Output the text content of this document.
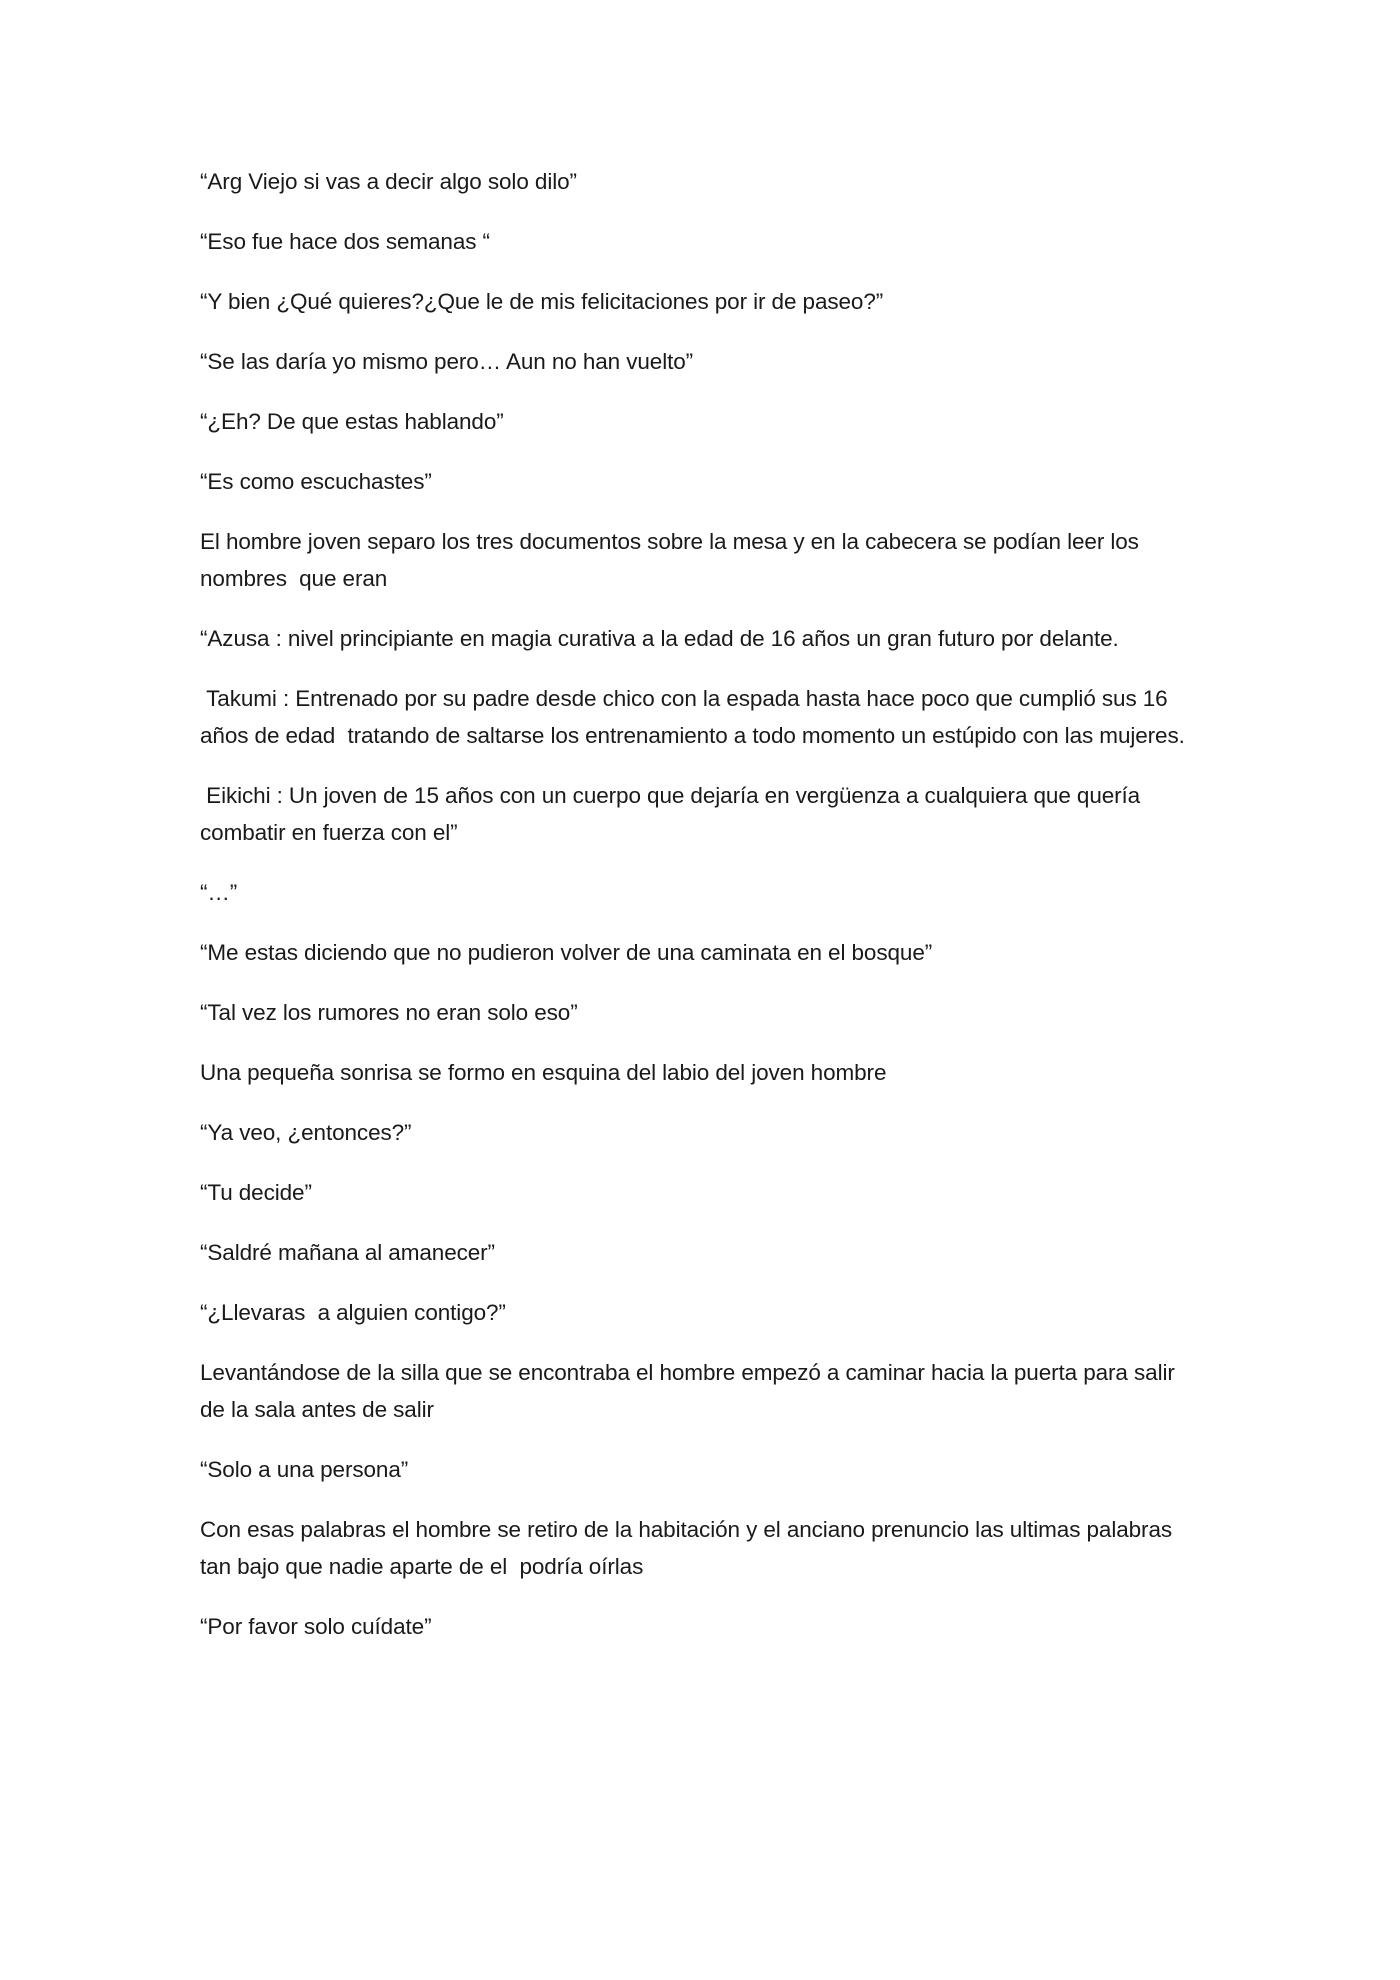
“Arg Viejo si vas a decir algo solo dilo”

“Eso fue hace dos semanas “

“Y bien ¿Qué quieres?¿Que le de mis felicitaciones por ir de paseo?”

“Se las daría yo mismo pero… Aun no han vuelto”

“¿Eh? De que estas hablando”

“Es como escuchastes”

El hombre joven separo los tres documentos sobre la mesa y en la cabecera se podían leer los nombres  que eran

“Azusa : nivel principiante en magia curativa a la edad de 16 años un gran futuro por delante.

Takumi : Entrenado por su padre desde chico con la espada hasta hace poco que cumplió sus 16 años de edad  tratando de saltarse los entrenamiento a todo momento un estúpido con las mujeres.

Eikichi : Un joven de 15 años con un cuerpo que dejaría en vergüenza a cualquiera que quería combatir en fuerza con el”

“…”

“Me estas diciendo que no pudieron volver de una caminata en el bosque”

“Tal vez los rumores no eran solo eso”

Una pequeña sonrisa se formo en esquina del labio del joven hombre

“Ya veo, ¿entonces?”

“Tu decide”

“Saldré mañana al amanecer”

“¿Llevaras  a alguien contigo?”

Levantándose de la silla que se encontraba el hombre empezó a caminar hacia la puerta para salir de la sala antes de salir

“Solo a una persona”

Con esas palabras el hombre se retiro de la habitación y el anciano prenuncio las ultimas palabras tan bajo que nadie aparte de el  podría oírlas

“Por favor solo cuídate”
